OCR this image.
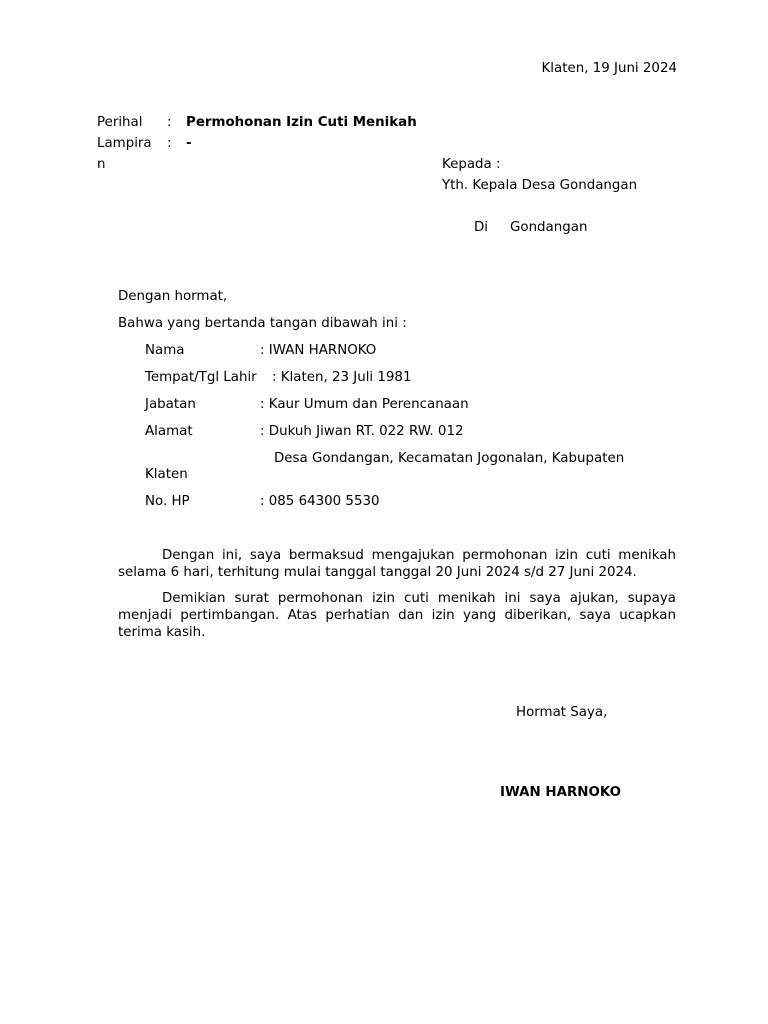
Klaten, 19 Juni 2024
Perihal : Permohonan Izin Cuti Menikah
Lampira : -
n	Kepada :
Yth. Kepala Desa Gondangan
Di Gondangan
Dengan hormat,
Bahwa yang bertanda tangan dibawah ini :
Nama	: IWAN HARNOKO
Tempat/Tgl Lahir : Klaten, 23 Juli 1981
Jabatan	: Kaur Umum dan Perencanaan
Alamat	: Dukuh Jiwan RT. 022 RW. 012
Desa Gondangan, Kecamatan Jogonalan, Kabupaten
Klaten
No. HP	: 085 64300 5530
Dengan ini, saya bermaksud mengajukan permohonan izin cuti menikah selama 6 hari, terhitung mulai tanggal tanggal 20 Juni 2024 s/d 27 Juni 2024.
Demikian surat permohonan izin cuti menikah ini saya ajukan, supaya menjadi pertimbangan. Atas perhatian dan izin yang diberikan, saya ucapkan terima kasih.
Hormat Saya,
IWAN HARNOKO
